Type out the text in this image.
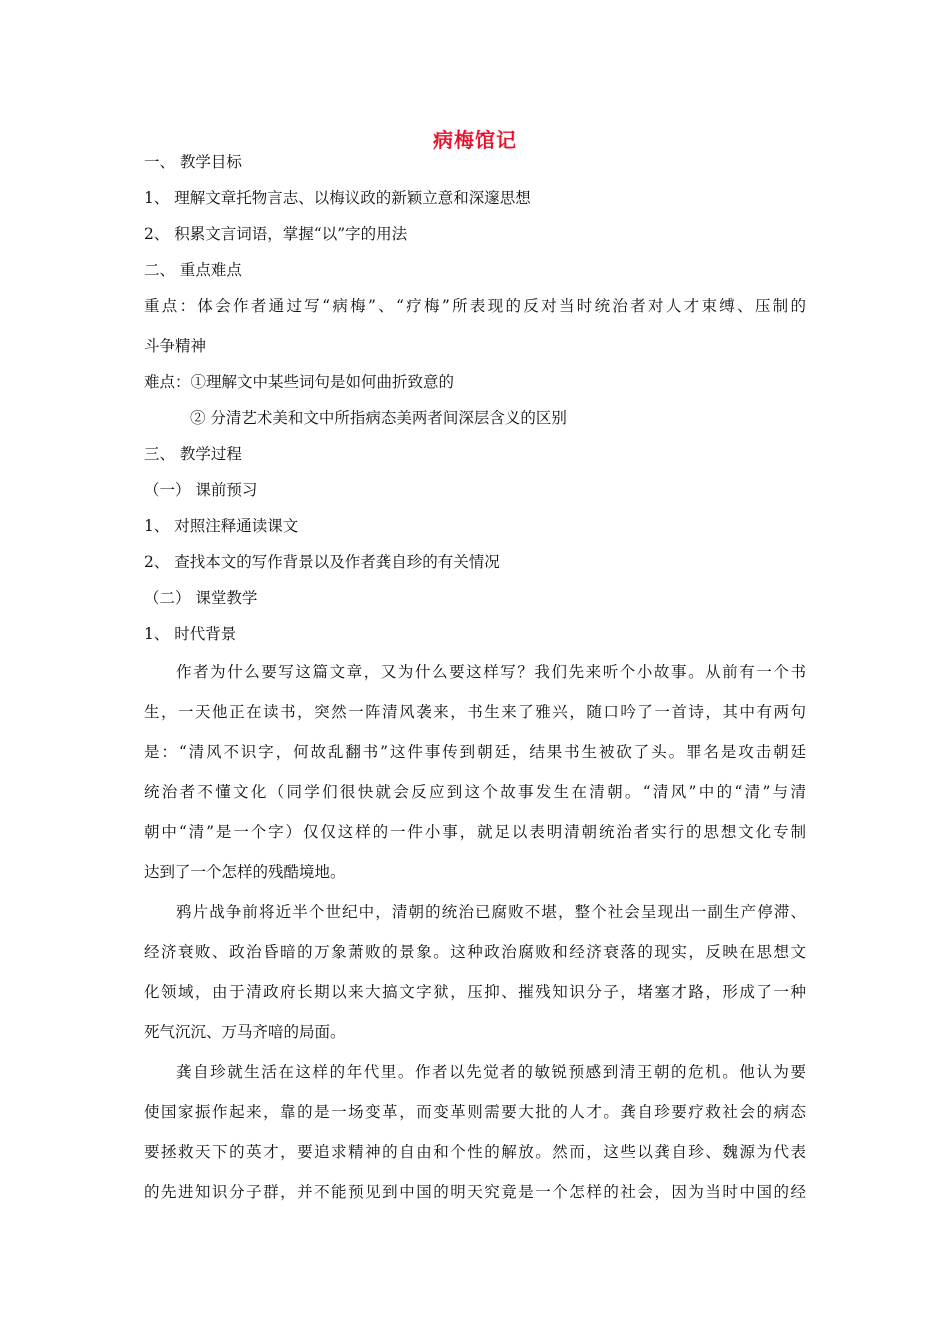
病梅馆记
一、 教学目标
1、 理解文章托物言志、以梅议政的新颖立意和深邃思想
2、 积累文言词语，掌握“以”字的用法
二、 重点难点
重点：体会作者通过写“病梅”、“疗梅”所表现的反对当时统治者对人才束缚、压制的
斗争精神
难点：①理解文中某些词句是如何曲折致意的
② 分清艺术美和文中所指病态美两者间深层含义的区别
三、 教学过程
（一） 课前预习
1、 对照注释通读课文
2、 查找本文的写作背景以及作者龚自珍的有关情况
（二） 课堂教学
1、 时代背景
作者为什么要写这篇文章，又为什么要这样写？我们先来听个小故事。从前有一个书
生，一天他正在读书，突然一阵清风袭来，书生来了雅兴，随口吟了一首诗，其中有两句
是：“清风不识字，何故乱翻书”这件事传到朝廷，结果书生被砍了头。罪名是攻击朝廷
统治者不懂文化（同学们很快就会反应到这个故事发生在清朝。“清风”中的“清”与清
朝中“清”是一个字）仅仅这样的一件小事，就足以表明清朝统治者实行的思想文化专制
达到了一个怎样的残酷境地。
鸦片战争前将近半个世纪中，清朝的统治已腐败不堪，整个社会呈现出一副生产停滞、
经济衰败、政治昏暗的万象萧败的景象。这种政治腐败和经济衰落的现实，反映在思想文
化领域，由于清政府长期以来大搞文字狱，压抑、摧残知识分子，堵塞才路，形成了一种
死气沉沉、万马齐喑的局面。
龚自珍就生活在这样的年代里。作者以先觉者的敏锐预感到清王朝的危机。他认为要
使国家振作起来，靠的是一场变革，而变革则需要大批的人才。龚自珍要疗救社会的病态
要拯救天下的英才，要追求精神的自由和个性的解放。然而，这些以龚自珍、魏源为代表
的先进知识分子群，并不能预见到中国的明天究竟是一个怎样的社会，因为当时中国的经
